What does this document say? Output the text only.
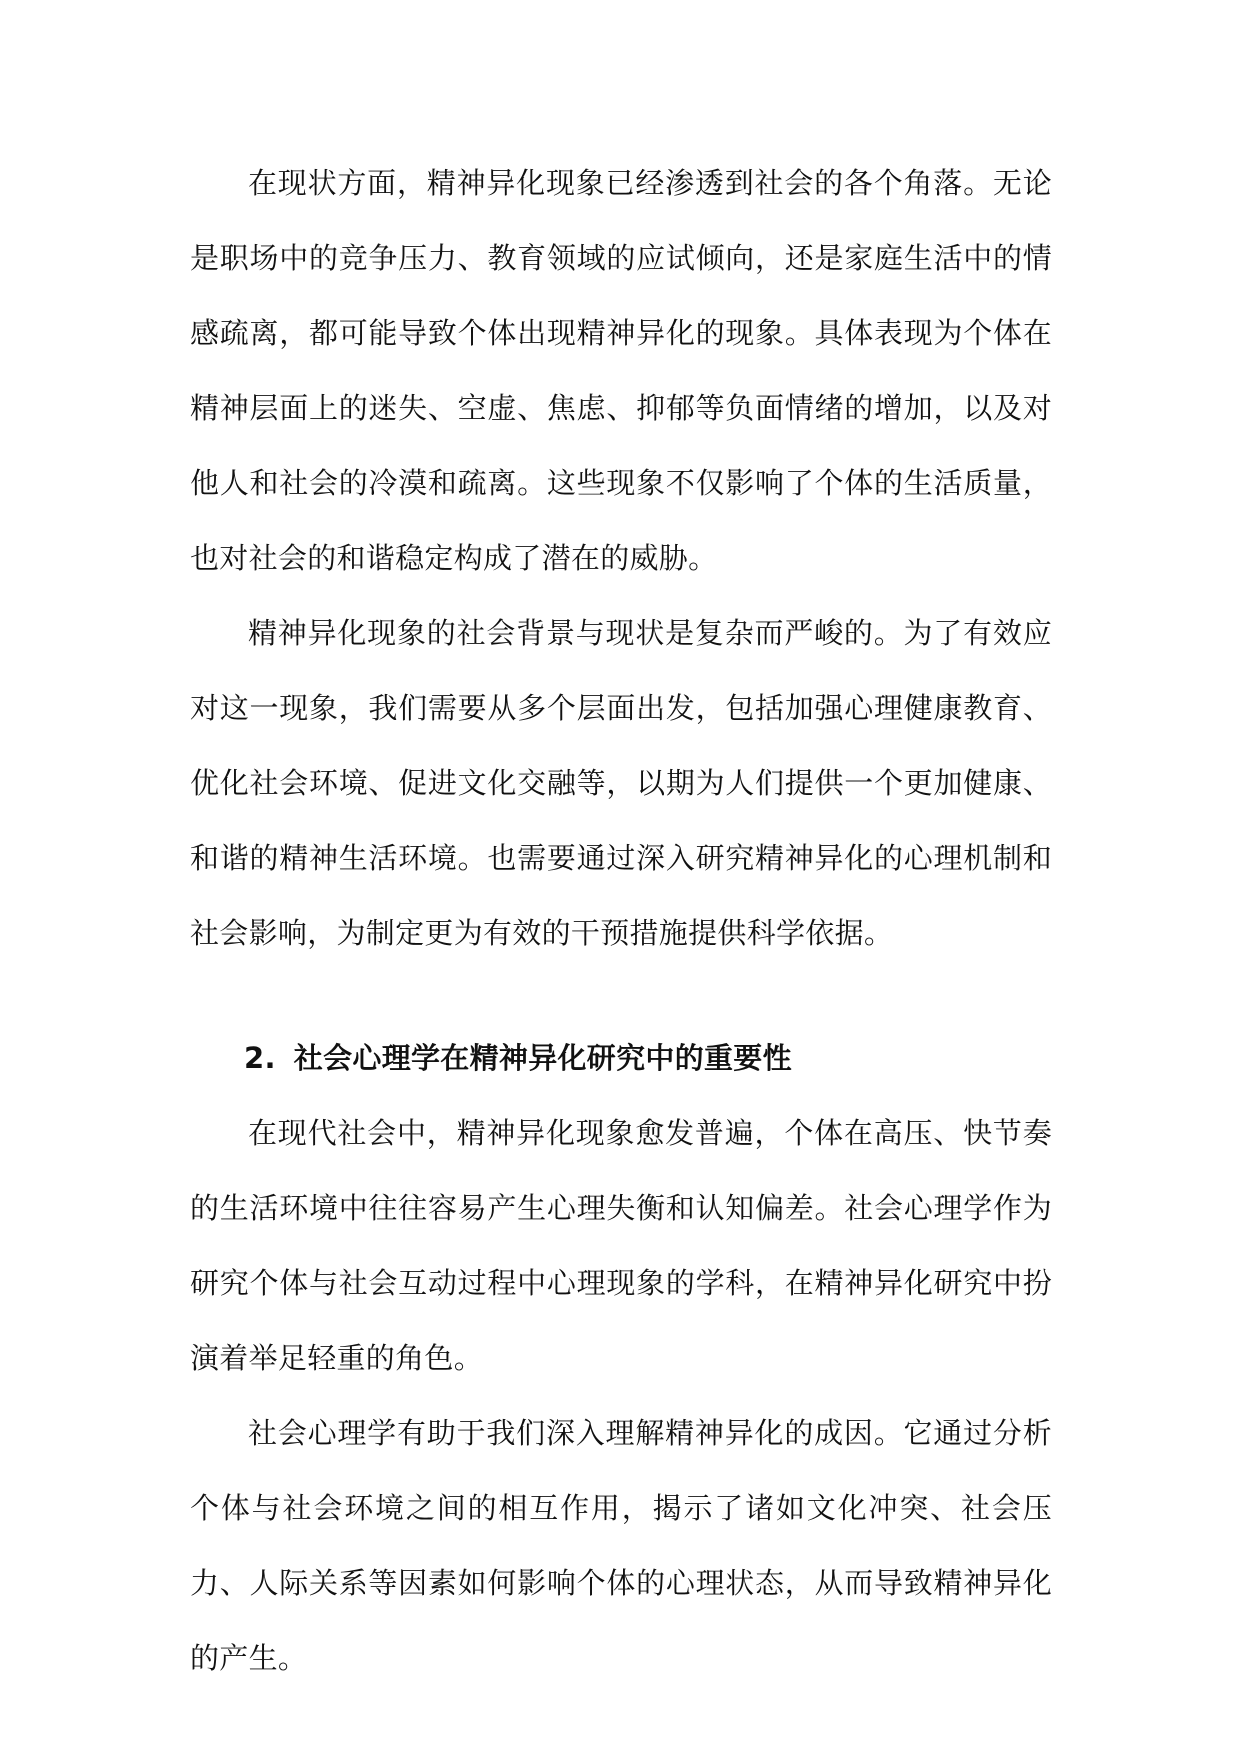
在现状方面，精神异化现象已经渗透到社会的各个角落。无论是职场中的竞争压力、教育领域的应试倾向，还是家庭生活中的情感疏离，都可能导致个体出现精神异化的现象。具体表现为个体在精神层面上的迷失、空虚、焦虑、抑郁等负面情绪的增加，以及对他人和社会的冷漠和疏离。这些现象不仅影响了个体的生活质量，也对社会的和谐稳定构成了潜在的威胁。

精神异化现象的社会背景与现状是复杂而严峻的。为了有效应对这一现象，我们需要从多个层面出发，包括加强心理健康教育、优化社会环境、促进文化交融等，以期为人们提供一个更加健康、和谐的精神生活环境。也需要通过深入研究精神异化的心理机制和社会影响，为制定更为有效的干预措施提供科学依据。

2. 社会心理学在精神异化研究中的重要性

在现代社会中，精神异化现象愈发普遍，个体在高压、快节奏的生活环境中往往容易产生心理失衡和认知偏差。社会心理学作为研究个体与社会互动过程中心理现象的学科，在精神异化研究中扮演着举足轻重的角色。

社会心理学有助于我们深入理解精神异化的成因。它通过分析个体与社会环境之间的相互作用，揭示了诸如文化冲突、社会压力、人际关系等因素如何影响个体的心理状态，从而导致精神异化的产生。
